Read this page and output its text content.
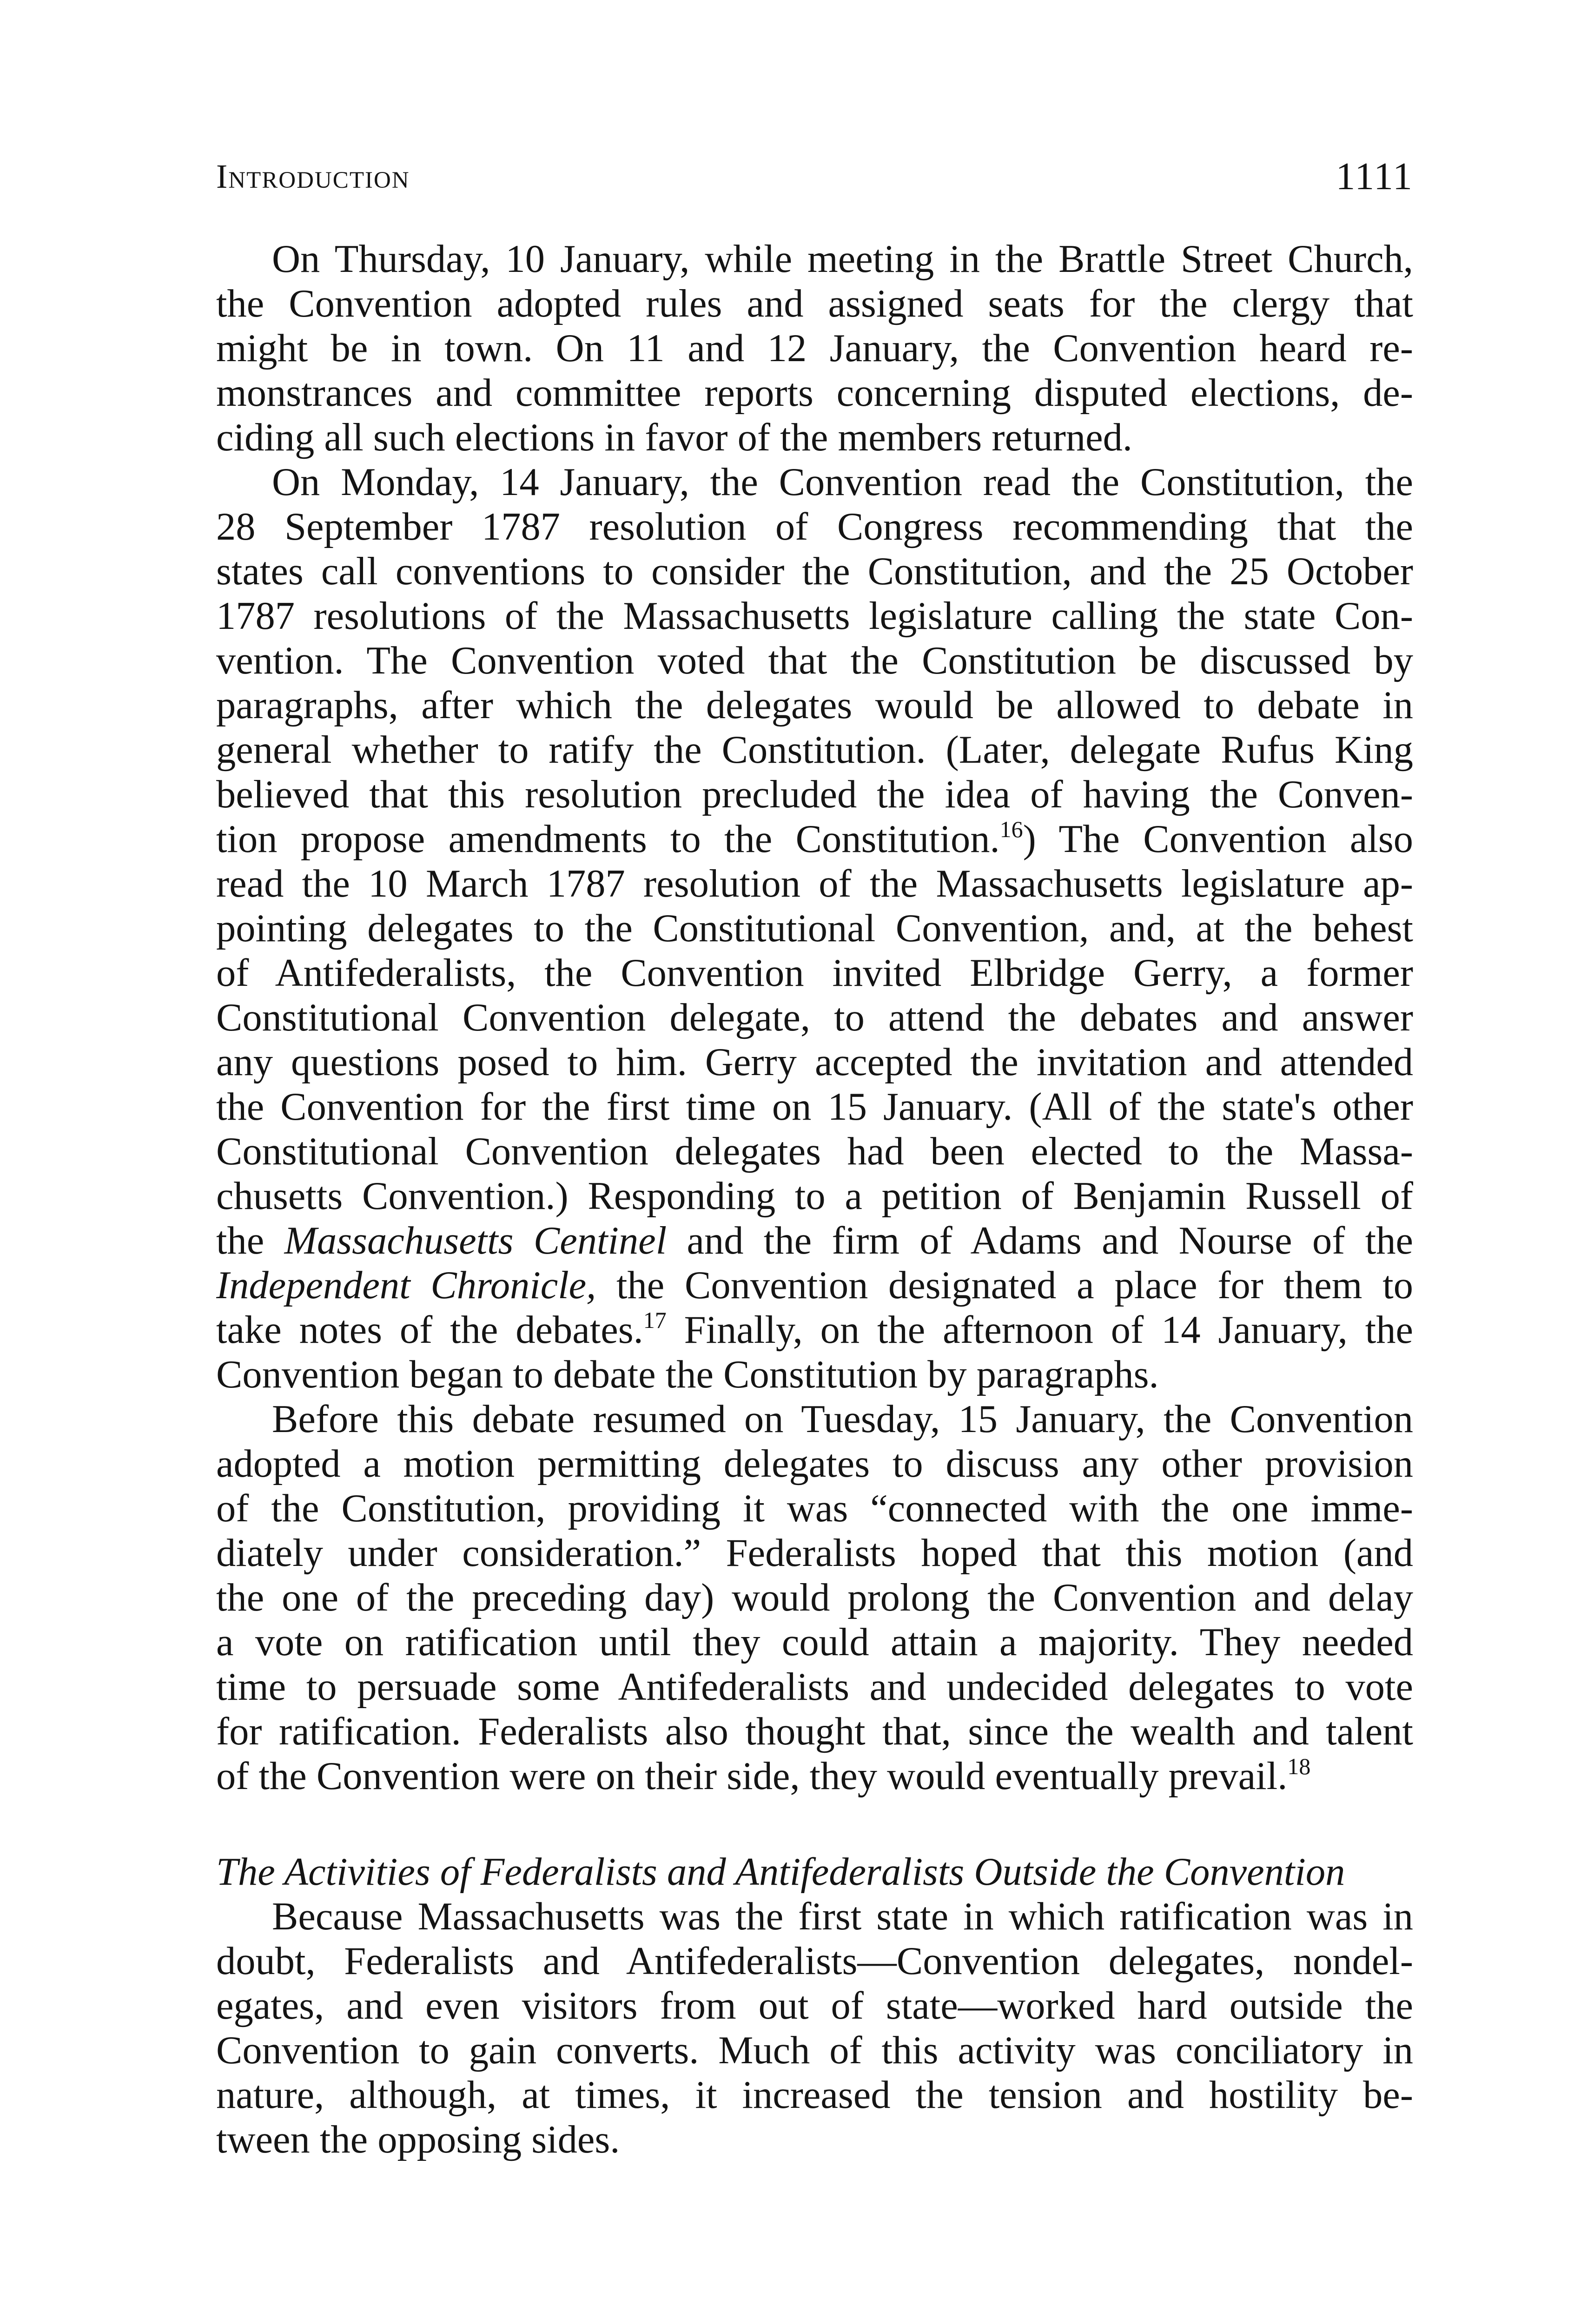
Introduction	1111
On Thursday, 10 January, while meeting in the Brattle Street Church,
the Convention adopted rules and assigned seats for the clergy that
might be in town. On 11 and 12 January, the Convention heard re-
monstrances and committee reports concerning disputed elections, de-
ciding all such elections in favor of the members returned.
On Monday, 14 January, the Convention read the Constitution, the
28 September 1787 resolution of Congress recommending that the
states call conventions to consider the Constitution, and the 25 October
1787 resolutions of the Massachusetts legislature calling the state Con-
vention. The Convention voted that the Constitution be discussed by
paragraphs, after which the delegates would be allowed to debate in
general whether to ratify the Constitution. (Later, delegate Rufus King
believed that this resolution precluded the idea of having the Conven-
tion propose amendments to the Constitution.$^{16}$) The Convention also
read the 10 March 1787 resolution of the Massachusetts legislature ap-
pointing delegates to the Constitutional Convention, and, at the behest
of Antifederalists, the Convention invited Elbridge Gerry, a former
Constitutional Convention delegate, to attend the debates and answer
any questions posed to him. Gerry accepted the invitation and attended
the Convention for the first time on 15 January. (All of the state's other
Constitutional Convention delegates had been elected to the Massa-
chusetts Convention.) Responding to a petition of Benjamin Russell of
the Massachusetts Centinel and the firm of Adams and Nourse of the
Independent Chronicle, the Convention designated a place for them to
take notes of the debates.$^{17}$ Finally, on the afternoon of 14 January, the
Convention began to debate the Constitution by paragraphs.
Before this debate resumed on Tuesday, 15 January, the Convention
adopted a motion permitting delegates to discuss any other provision
of the Constitution, providing it was “connected with the one imme-
diately under consideration.” Federalists hoped that this motion (and
the one of the preceding day) would prolong the Convention and delay
a vote on ratification until they could attain a majority. They needed
time to persuade some Antifederalists and undecided delegates to vote
for ratification. Federalists also thought that, since the wealth and talent
of the Convention were on their side, they would eventually prevail.$^{18}$
The Activities of Federalists and Antifederalists Outside the Convention
Because Massachusetts was the first state in which ratification was in
doubt, Federalists and Antifederalists—Convention delegates, nondel-
egates, and even visitors from out of state—worked hard outside the
Convention to gain converts. Much of this activity was conciliatory in
nature, although, at times, it increased the tension and hostility be-
tween the opposing sides.
